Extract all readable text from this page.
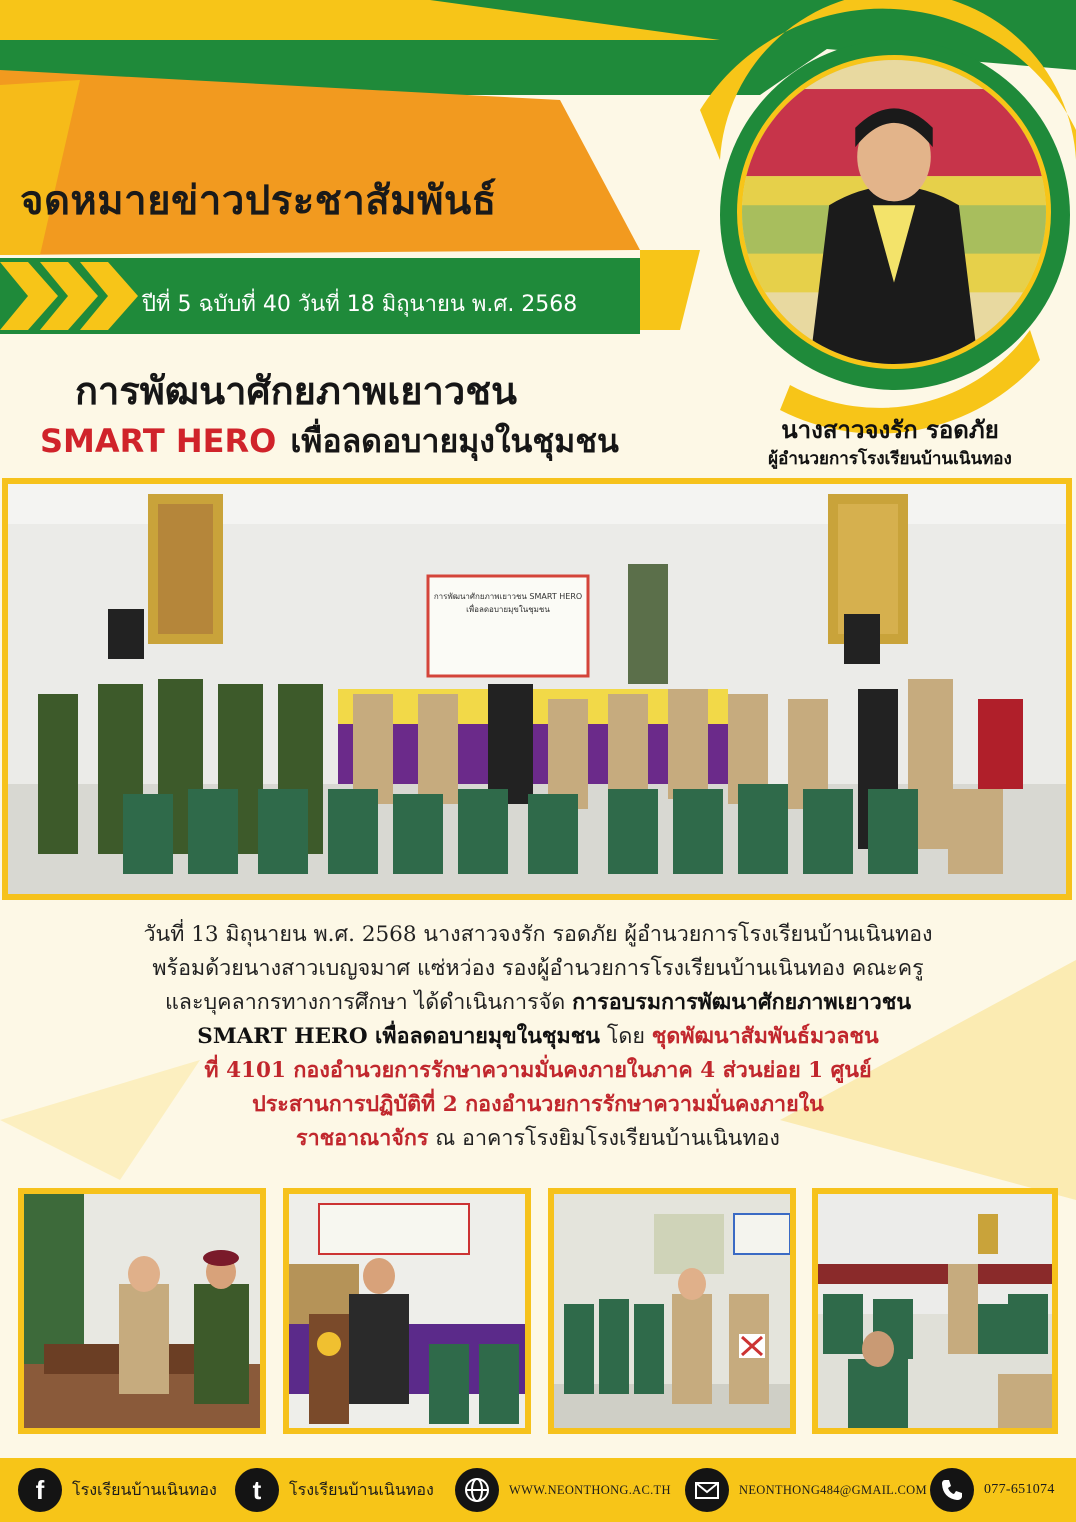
จดหมายข่าวประชาสัมพันธ์
ปีที่ 5 ฉบับที่ 40 วันที่ 18 มิถุนายน พ.ศ. 2568
การพัฒนาศักยภาพเยาวชน
SMART HERO เพื่อลดอบายมุงในชุมชน	นางสาวจงรัก รอดภัย
ผู้อำนวยการโรงเรียนบ้านเนินทอง
การพัฒนาศักยภาพเยาวชน SMART HERO
เพื่อลดอบายมุขในชุมชน
วันที่ 13 มิถุนายน พ.ศ. 2568 นางสาวจงรัก รอดภัย ผู้อำนวยการโรงเรียนบ้านเนินทอง
พร้อมด้วยนางสาวเบญจมาศ แซ่หว่อง รองผู้อำนวยการโรงเรียนบ้านเนินทอง คณะครู
และบุคลากรทางการศึกษา ได้ดำเนินการจัด การอบรมการพัฒนาศักยภาพเยาวชน
SMART HERO เพื่อลดอบายมุขในชุมชน โดย ชุดพัฒนาสัมพันธ์มวลชน
ที่ 4101 กองอำนวยการรักษาความมั่นคงภายในภาค 4 ส่วนย่อย 1 ศูนย์
ประสานการปฏิบัติที่ 2 กองอำนวยการรักษาความมั่นคงภายใน
ราชอาณาจักร ณ อาคารโรงยิมโรงเรียนบ้านเนินทอง
f	โรงเรียนบ้านเนินทอง	t	โรงเรียนบ้านเนินทอง	WWW.NEONTHONG.AC.TH	NEONTHONG484@GMAIL.COM	077-651074
